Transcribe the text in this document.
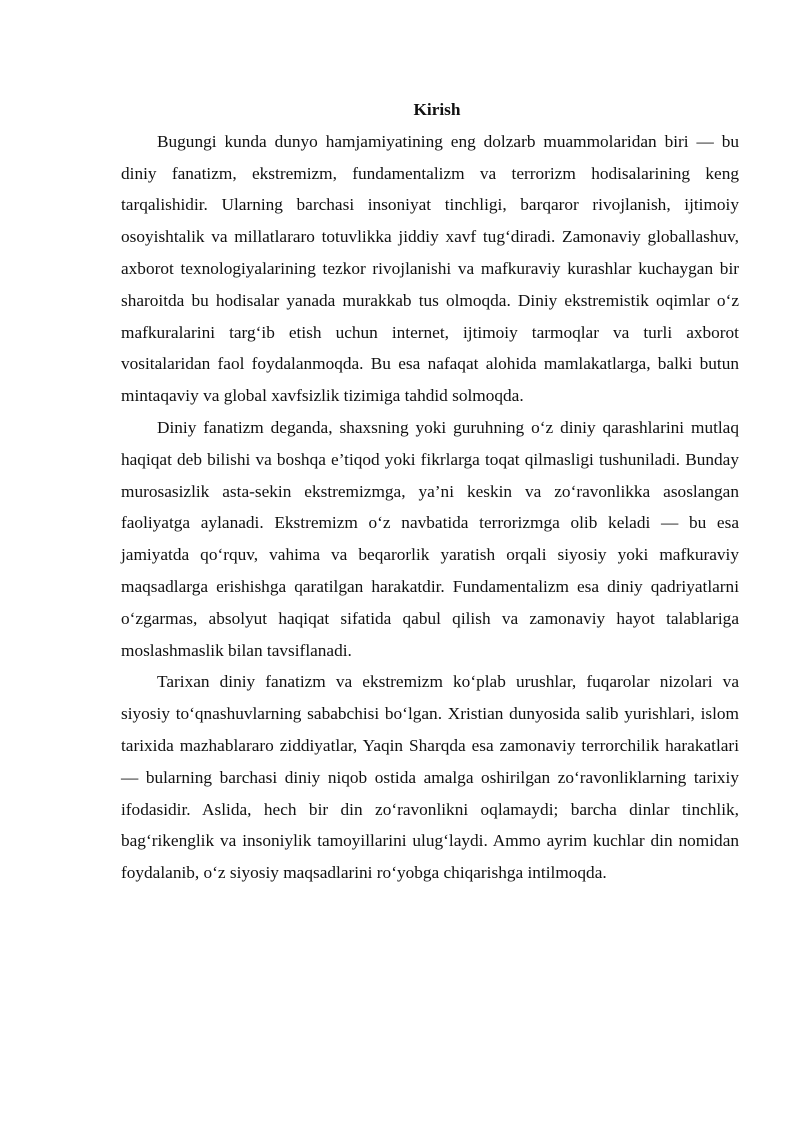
Kirish

Bugungi kunda dunyo hamjamiyatining eng dolzarb muammolaridan biri — bu diniy fanatizm, ekstremizm, fundamentalizm va terrorizm hodisalarining keng tarqalishidir. Ularning barchasi insoniyat tinchligi, barqaror rivojlanish, ijtimoiy osoyishtalik va millatlararo totuvlikka jiddiy xavf tug‘diradi. Zamonaviy globallashuv, axborot texnologiyalarining tezkor rivojlanishi va mafkuraviy kurashlar kuchaygan bir sharoitda bu hodisalar yanada murakkab tus olmoqda. Diniy ekstremistik oqimlar o‘z mafkuralarini targ‘ib etish uchun internet, ijtimoiy tarmoqlar va turli axborot vositalaridan faol foydalanmoqda. Bu esa nafaqat alohida mamlakatlarga, balki butun mintaqaviy va global xavfsizlik tizimiga tahdid solmoqda.

Diniy fanatizm deganda, shaxsning yoki guruhning o‘z diniy qarashlarini mutlaq haqiqat deb bilishi va boshqa e’tiqod yoki fikrlarga toqat qilmasligi tushuniladi. Bunday murosasizlik asta-sekin ekstremizmga, ya’ni keskin va zo‘ravonlikka asoslangan faoliyatga aylanadi. Ekstremizm o‘z navbatida terrorizmga olib keladi — bu esa jamiyatda qo‘rquv, vahima va beqarorlik yaratish orqali siyosiy yoki mafkuraviy maqsadlarga erishishga qaratilgan harakatdir. Fundamentalizm esa diniy qadriyatlarni o‘zgarmas, absolyut haqiqat sifatida qabul qilish va zamonaviy hayot talablariga moslashmaslik bilan tavsiflanadi.

Tarixan diniy fanatizm va ekstremizm ko‘plab urushlar, fuqarolar nizolari va siyosiy to‘qnashuvlarning sababchisi bo‘lgan. Xristian dunyosida salib yurishlari, islom tarixida mazhablararo ziddiyatlar, Yaqin Sharqda esa zamonaviy terrorchilik harakatlari — bularning barchasi diniy niqob ostida amalga oshirilgan zo‘ravonliklarning tarixiy ifodasidir. Aslida, hech bir din zo‘ravonlikni oqlamaydi; barcha dinlar tinchlik, bag‘rikenglik va insoniylik tamoyillarini ulug‘laydi. Ammo ayrim kuchlar din nomidan foydalanib, o‘z siyosiy maqsadlarini ro‘yobga chiqarishga intilmoqda.
